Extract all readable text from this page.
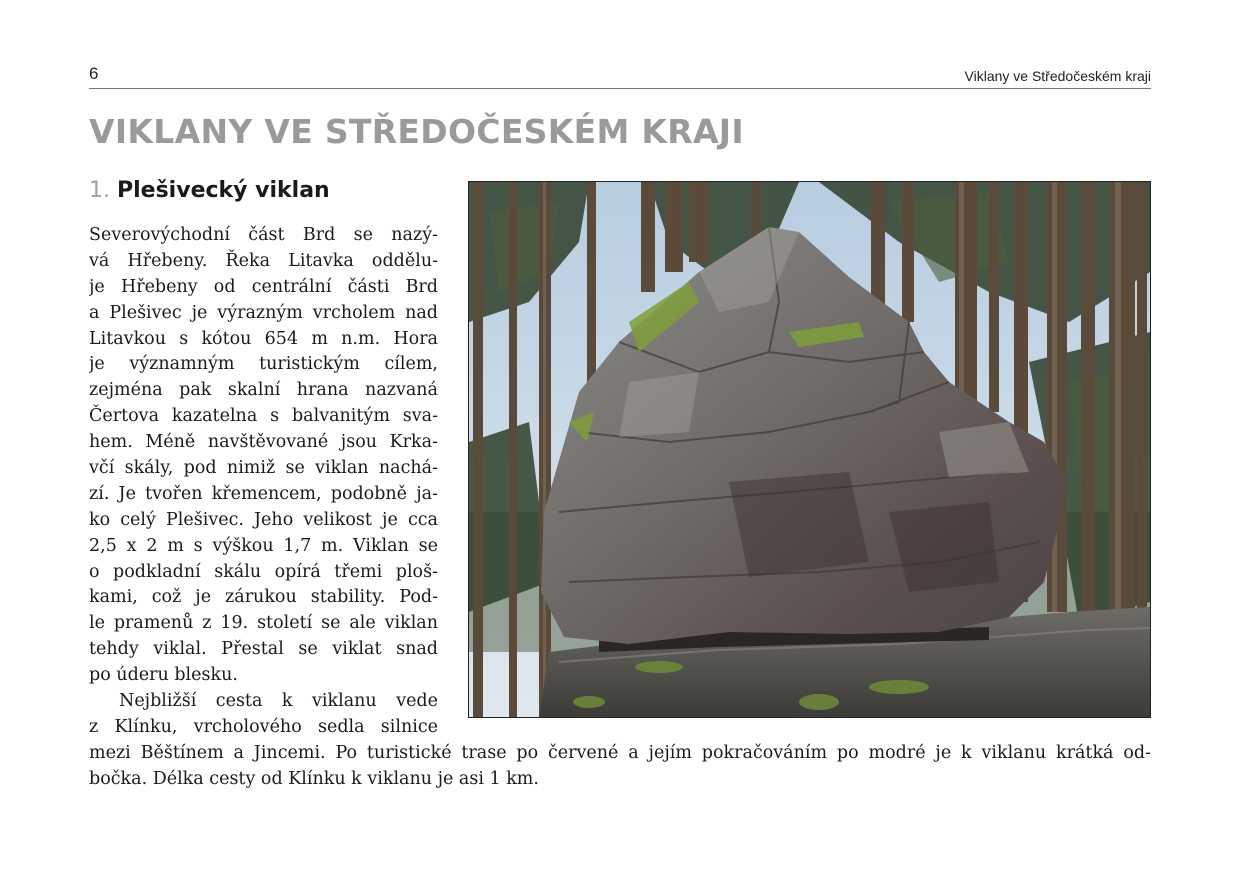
6	Viklany ve Středočeském kraji
VIKLANY VE STŘEDOČESKÉM KRAJI
1. Plešivecký viklan
Severovýchodní část Brd se nazý-
vá Hřebeny. Řeka Litavka oddělu-
je Hřebeny od centrální části Brd
a Plešivec je výrazným vrcholem nad
Litavkou s kótou 654 m n.m. Hora
je významným turistickým cílem,
zejména pak skalní hrana nazvaná
Čertova kazatelna s balvanitým sva-
hem. Méně navštěvované jsou Krka-
včí skály, pod nimiž se viklan nachá-
zí. Je tvořen křemencem, podobně ja-
ko celý Plešivec. Jeho velikost je cca
2,5 x 2 m s výškou 1,7 m. Viklan se
o podkladní skálu opírá třemi ploš-
kami, což je zárukou stability. Pod-
le pramenů z 19. století se ale viklan
tehdy viklal. Přestal se viklat snad
po úderu blesku.
Nejbližší cesta k viklanu vede
z Klínku, vrcholového sedla silnice
mezi Běštínem a Jincemi. Po turistické trase po červené a jejím pokračováním po modré je k viklanu krátká od-
bočka. Délka cesty od Klínku k viklanu je asi 1 km.
